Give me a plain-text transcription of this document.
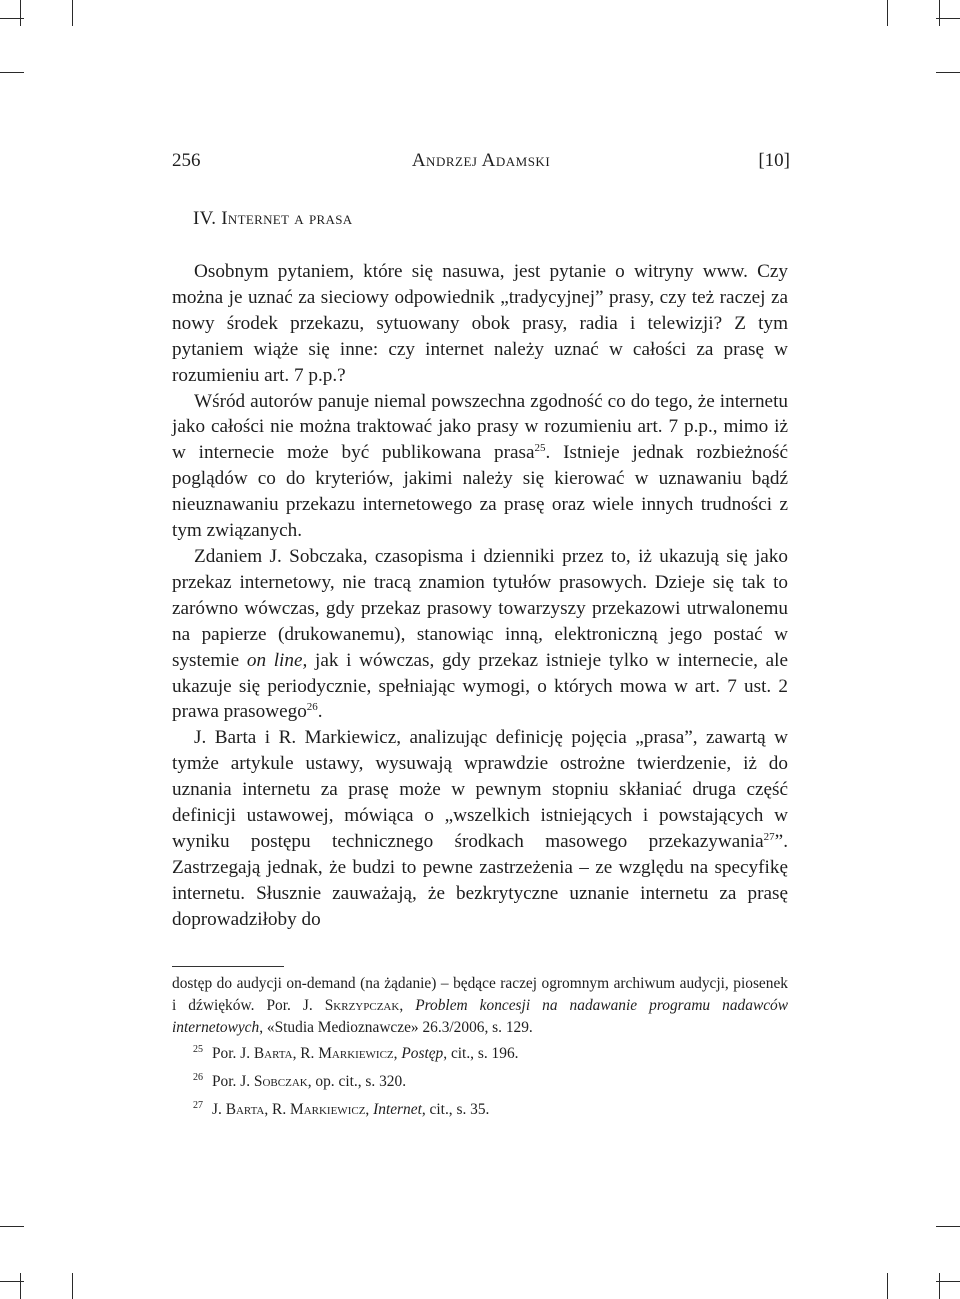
256	Andrzej Adamski	[10]
IV. Internet a prasa

Osobnym pytaniem, które się nasuwa, jest pytanie o witryny www. Czy można je uznać za sieciowy odpowiednik „tradycyjnej” prasy, czy też raczej za nowy środek przekazu, sytuowany obok prasy, radia i telewizji? Z tym pytaniem wiąże się inne: czy internet należy uznać w całości za prasę w rozumieniu art. 7 p.p.?

Wśród autorów panuje niemal powszechna zgodność co do tego, że internetu jako całości nie można traktować jako prasy w rozumieniu art. 7 p.p., mimo iż w internecie może być publikowana prasa$^{25}$. Istnieje jednak rozbieżność poglądów co do kryteriów, jakimi należy się kierować w uznawaniu bądź nieuznawaniu przekazu internetowego za prasę oraz wiele innych trudności z tym związanych.

Zdaniem J. Sobczaka, czasopisma i dzienniki przez to, iż ukazują się jako przekaz internetowy, nie tracą znamion tytułów prasowych. Dzieje się tak to zarówno wówczas, gdy przekaz prasowy towarzyszy przekazowi utrwalonemu na papierze (drukowanemu), stanowiąc inną, elektroniczną jego postać w systemie on line, jak i wówczas, gdy przekaz istnieje tylko w internecie, ale ukazuje się periodycznie, spełniając wymogi, o których mowa w art. 7 ust. 2 prawa prasowego$^{26}$.

J. Barta i R. Markiewicz, analizując definicję pojęcia „prasa”, zawartą w tymże artykule ustawy, wysuwają wprawdzie ostrożne twierdzenie, iż do uznania internetu za prasę może w pewnym stopniu skłaniać druga część definicji ustawowej, mówiąca o „wszelkich istniejących i powstających w wyniku postępu technicznego środkach masowego przekazywania$^{27}$”. Zastrzegają jednak, że budzi to pewne zastrzeżenia – ze względu na specyfikę internetu. Słusznie zauważają, że bezkrytyczne uznanie internetu za prasę doprowadziłoby do

dostęp do audycji on-demand (na żądanie) – będące raczej ogromnym archiwum audycji, piosenek i dźwięków. Por. J. Skrzypczak, Problem koncesji na nadawanie programu nadawców internetowych, «Studia Medioznawcze» 26.3/2006, s. 129.
25 Por. J. Barta, R. Markiewicz, Postęp, cit., s. 196.
26 Por. J. Sobczak, op. cit., s. 320.
27 J. Barta, R. Markiewicz, Internet, cit., s. 35.
